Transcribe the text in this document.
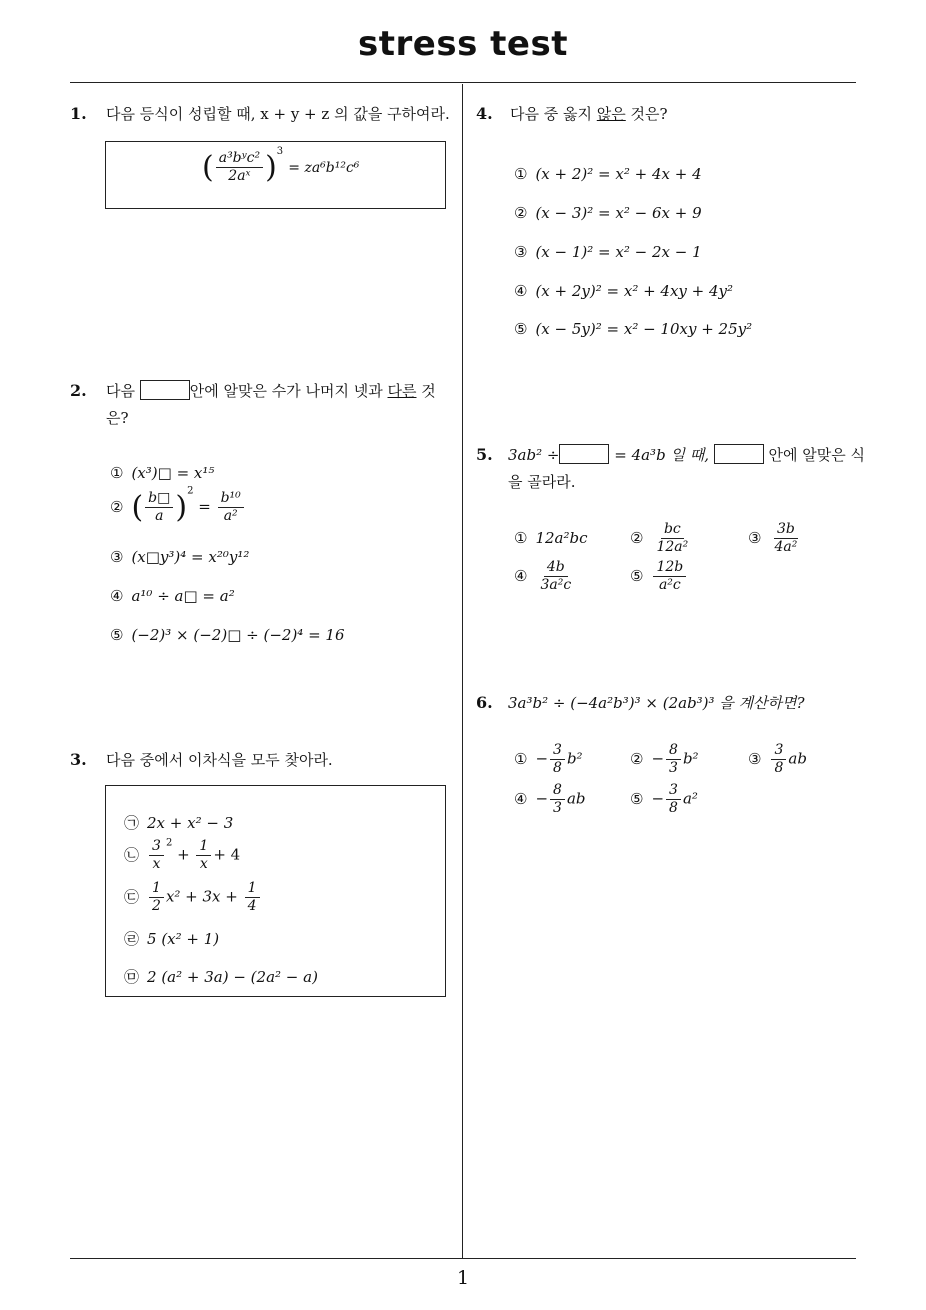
stress test
1
1. 다음 등식이 성립할 때, x + y + z 의 값을 구하여라.
( $\frac{\text{a³bʸc²}}{\text{2aˣ}} )^3 = za^6b^{12}c^6$
2. 다음	안에 알맞은 수가 나머지 넷과 다른 것
은?
① (x³)□ = x¹⁵
② ( $\frac{b□}{a} )^2 = \frac{\text{b¹⁰}}{\text{a²}}$
③ (x□y³)⁴ = x²⁰y¹²
④ a¹⁰ ÷ a□ = a²
⑤ (−2)³ × (−2)□ ÷ (−2)⁴ = 16
3. 다음 중에서 이차식을 모두 찾아라.
㉠ 2x + x² − 3
㉡ $\frac{3}{x} ^2 + \frac{1}{x} + 4$
㉢ $\frac{1}{2} x^2 + 3x + \frac{1}{4}$
㉣ 5 (x² + 1)
㉤ 2 (a² + 3a) − (2a² − a)
4. 다음 중 옳지 않은 것은?
① (x + 2)² = x² + 4x + 4
② (x − 3)² = x² − 6x + 9
③ (x − 1)² = x² − 2x − 1
④ (x + 2y)² = x² + 4xy + 4y²
⑤ (x − 5y)² = x² − 10xy + 25y²
5. 3ab² ÷	= 4a³b 일 때,	안에 알맞은 식
을 골라라.
① 12a²bc	② $\frac{bc}{\text{12a²}}$	③ $\frac{3b}{\text{4a²}}$
④ $\frac{4b}{\text{3a²c}}$	⑤ $\frac{12b}{\text{a²c}}$
6. 3a³b² ÷ (−4a²b³)³ × (2ab³)³ 을 계산하면?
① − $\frac{3}{8} b^2$	② − $\frac{8}{3} b^2$	③ $\frac{3}{8}$ ab
④ − $\frac{8}{3}$ ab	⑤ − $\frac{3}{8} a^2$
